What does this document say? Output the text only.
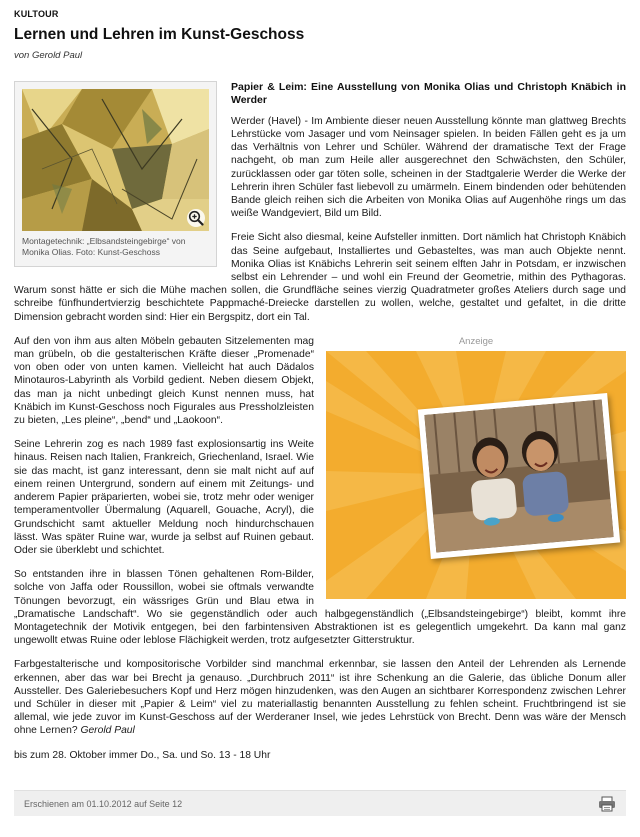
KULTOUR
Lernen und Lehren im Kunst-Geschoss
von Gerold Paul
Montagetechnik: „Elbsandsteingebirge“ von Monika Olias. Foto: Kunst-Geschoss
Papier & Leim: Eine Ausstellung von Monika Olias und Christoph Knäbich in Werder

Werder (Havel) - Im Ambiente dieser neuen Ausstellung könnte man glattweg Brechts Lehrstücke vom Jasager und vom Neinsager spielen. In beiden Fällen geht es ja um das Verhältnis von Lehrer und Schüler. Während der dramatische Text der Frage nachgeht, ob man zum Heile aller ausgerechnet den Schwächsten, den Schüler, zurücklassen oder gar töten solle, scheinen in der Stadtgalerie Werder die Werke der Lehrerin ihren Schüler fast liebevoll zu umärmeln. Einem bindenden oder behütenden Bande gleich reihen sich die Arbeiten von Monika Olias auf Augenhöhe rings um das weiße Wandgeviert, Bild um Bild.

Freie Sicht also diesmal, keine Aufsteller inmitten. Dort nämlich hat Christoph Knäbich das Seine aufgebaut, Installiertes und Gebasteltes, was man auch Objekte nennt. Monika Olias ist Knäbichs Lehrerin seit seinem elften Jahr in Potsdam, er inzwischen selbst ein Lehrender – und wohl ein Freund der Geometrie, mithin des Pythagoras. Warum sonst hätte er sich die Mühe machen sollen, die Grundfläche seines vierzig Quadratmeter großes Ateliers durch sage und schreibe fünfhundertvierzig beschichtete Pappmaché-Dreiecke darstellen zu wollen, welche, gestaltet und gefaltet, in die dritte Dimension gebracht worden sind: Hier ein Bergspitz, dort ein Tal.

Anzeige

Auf den von ihm aus alten Möbeln gebauten Sitzelementen mag man grübeln, ob die gestalterischen Kräfte dieser „Promenade“ von oben oder von unten kamen. Vielleicht hat auch Dädalos Minotauros-Labyrinth als Vorbild gedient. Neben diesem Objekt, das man ja nicht unbedingt gleich Kunst nennen muss, hat Knäbich im Kunst-Geschoss noch Figurales aus Pressholzleisten zu bieten, „Les pleine“, „bend“ und „Laokoon“.

Seine Lehrerin zog es nach 1989 fast explosionsartig ins Weite hinaus. Reisen nach Italien, Frankreich, Griechenland, Israel. Wie sie das macht, ist ganz interessant, denn sie malt nicht auf auf einem reinen Untergrund, sondern auf einem mit Zeitungs- und anderem Papier präparierten, wobei sie, trotz mehr oder weniger temperamentvoller Übermalung (Aquarell, Gouache, Acryl), die Grundschicht samt aktueller Meldung noch hindurchschauen lässt. Was später Ruine war, wurde ja selbst auf Ruinen gebaut. Oder sie überklebt und schichtet.

So entstanden ihre in blassen Tönen gehaltenen Rom-Bilder, solche von Jaffa oder Roussillon, wobei sie oftmals verwandte Tönungen bevorzugt, ein wässriges Grün und Blau etwa in „Dramatische Landschaft“. Wo sie gegenständlich oder auch halbgegenständlich („Elbsandsteingebirge“) bleibt, kommt ihre Montagetechnik der Motivik entgegen, bei den farbintensiven Abstraktionen ist es gelegentlich umgekehrt. Da kann mal ganz ungewollt etwas Ruine oder leblose Flächigkeit werden, trotz aufgesetzter Gitterstruktur.

Farbgestalterische und kompositorische Vorbilder sind manchmal erkennbar, sie lassen den Anteil der Lehrenden als Lernende erkennen, aber das war bei Brecht ja genauso. „Durchbruch 2011“ ist ihre Schenkung an die Galerie, das übliche Donum aller Aussteller. Des Galeriebesuchers Kopf und Herz mögen hinzudenken, was den Augen an sichtbarer Korrespondenz zwischen Lehrer und Schüler in dieser mit „Papier & Leim“ viel zu materiallastig benannten Ausstellung zu fehlen scheint. Fruchtbringend ist sie allemal, wie jede zuvor im Kunst-Geschoss auf der Werderaner Insel, wie jedes Lehrstück von Brecht. Denn was wäre der Mensch ohne Lernen? Gerold Paul

bis zum 28. Oktober immer Do., Sa. und So. 13 - 18 Uhr
Erschienen am 01.10.2012 auf Seite 12
